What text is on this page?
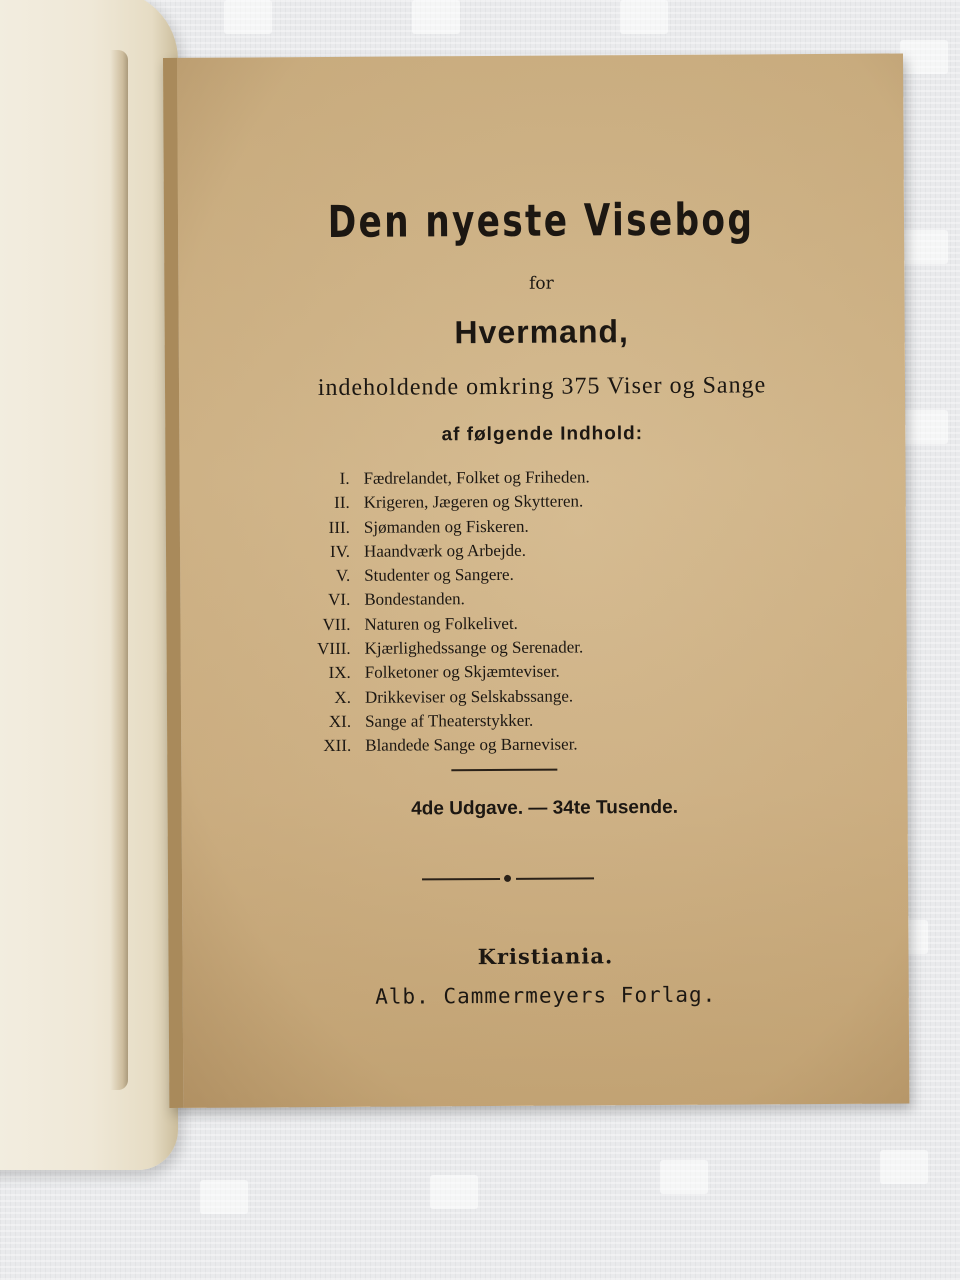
Den nyeste Visebog
for
Hvermand,
indeholdende omkring 375 Viser og Sange
af følgende Indhold:
I. Fædrelandet, Folket og Friheden.
II. Krigeren, Jægeren og Skytteren.
III. Sjømanden og Fiskeren.
IV. Haandværk og Arbejde.
V. Studenter og Sangere.
VI. Bondestanden.
VII. Naturen og Folkelivet.
VIII. Kjærlighedssange og Serenader.
IX. Folketoner og Skjæmteviser.
X. Drikkeviser og Selskabssange.
XI. Sange af Theaterstykker.
XII. Blandede Sange og Barneviser.
4de Udgave. — 34te Tusende.
Kristiania.
Alb. Cammermeyers Forlag.
